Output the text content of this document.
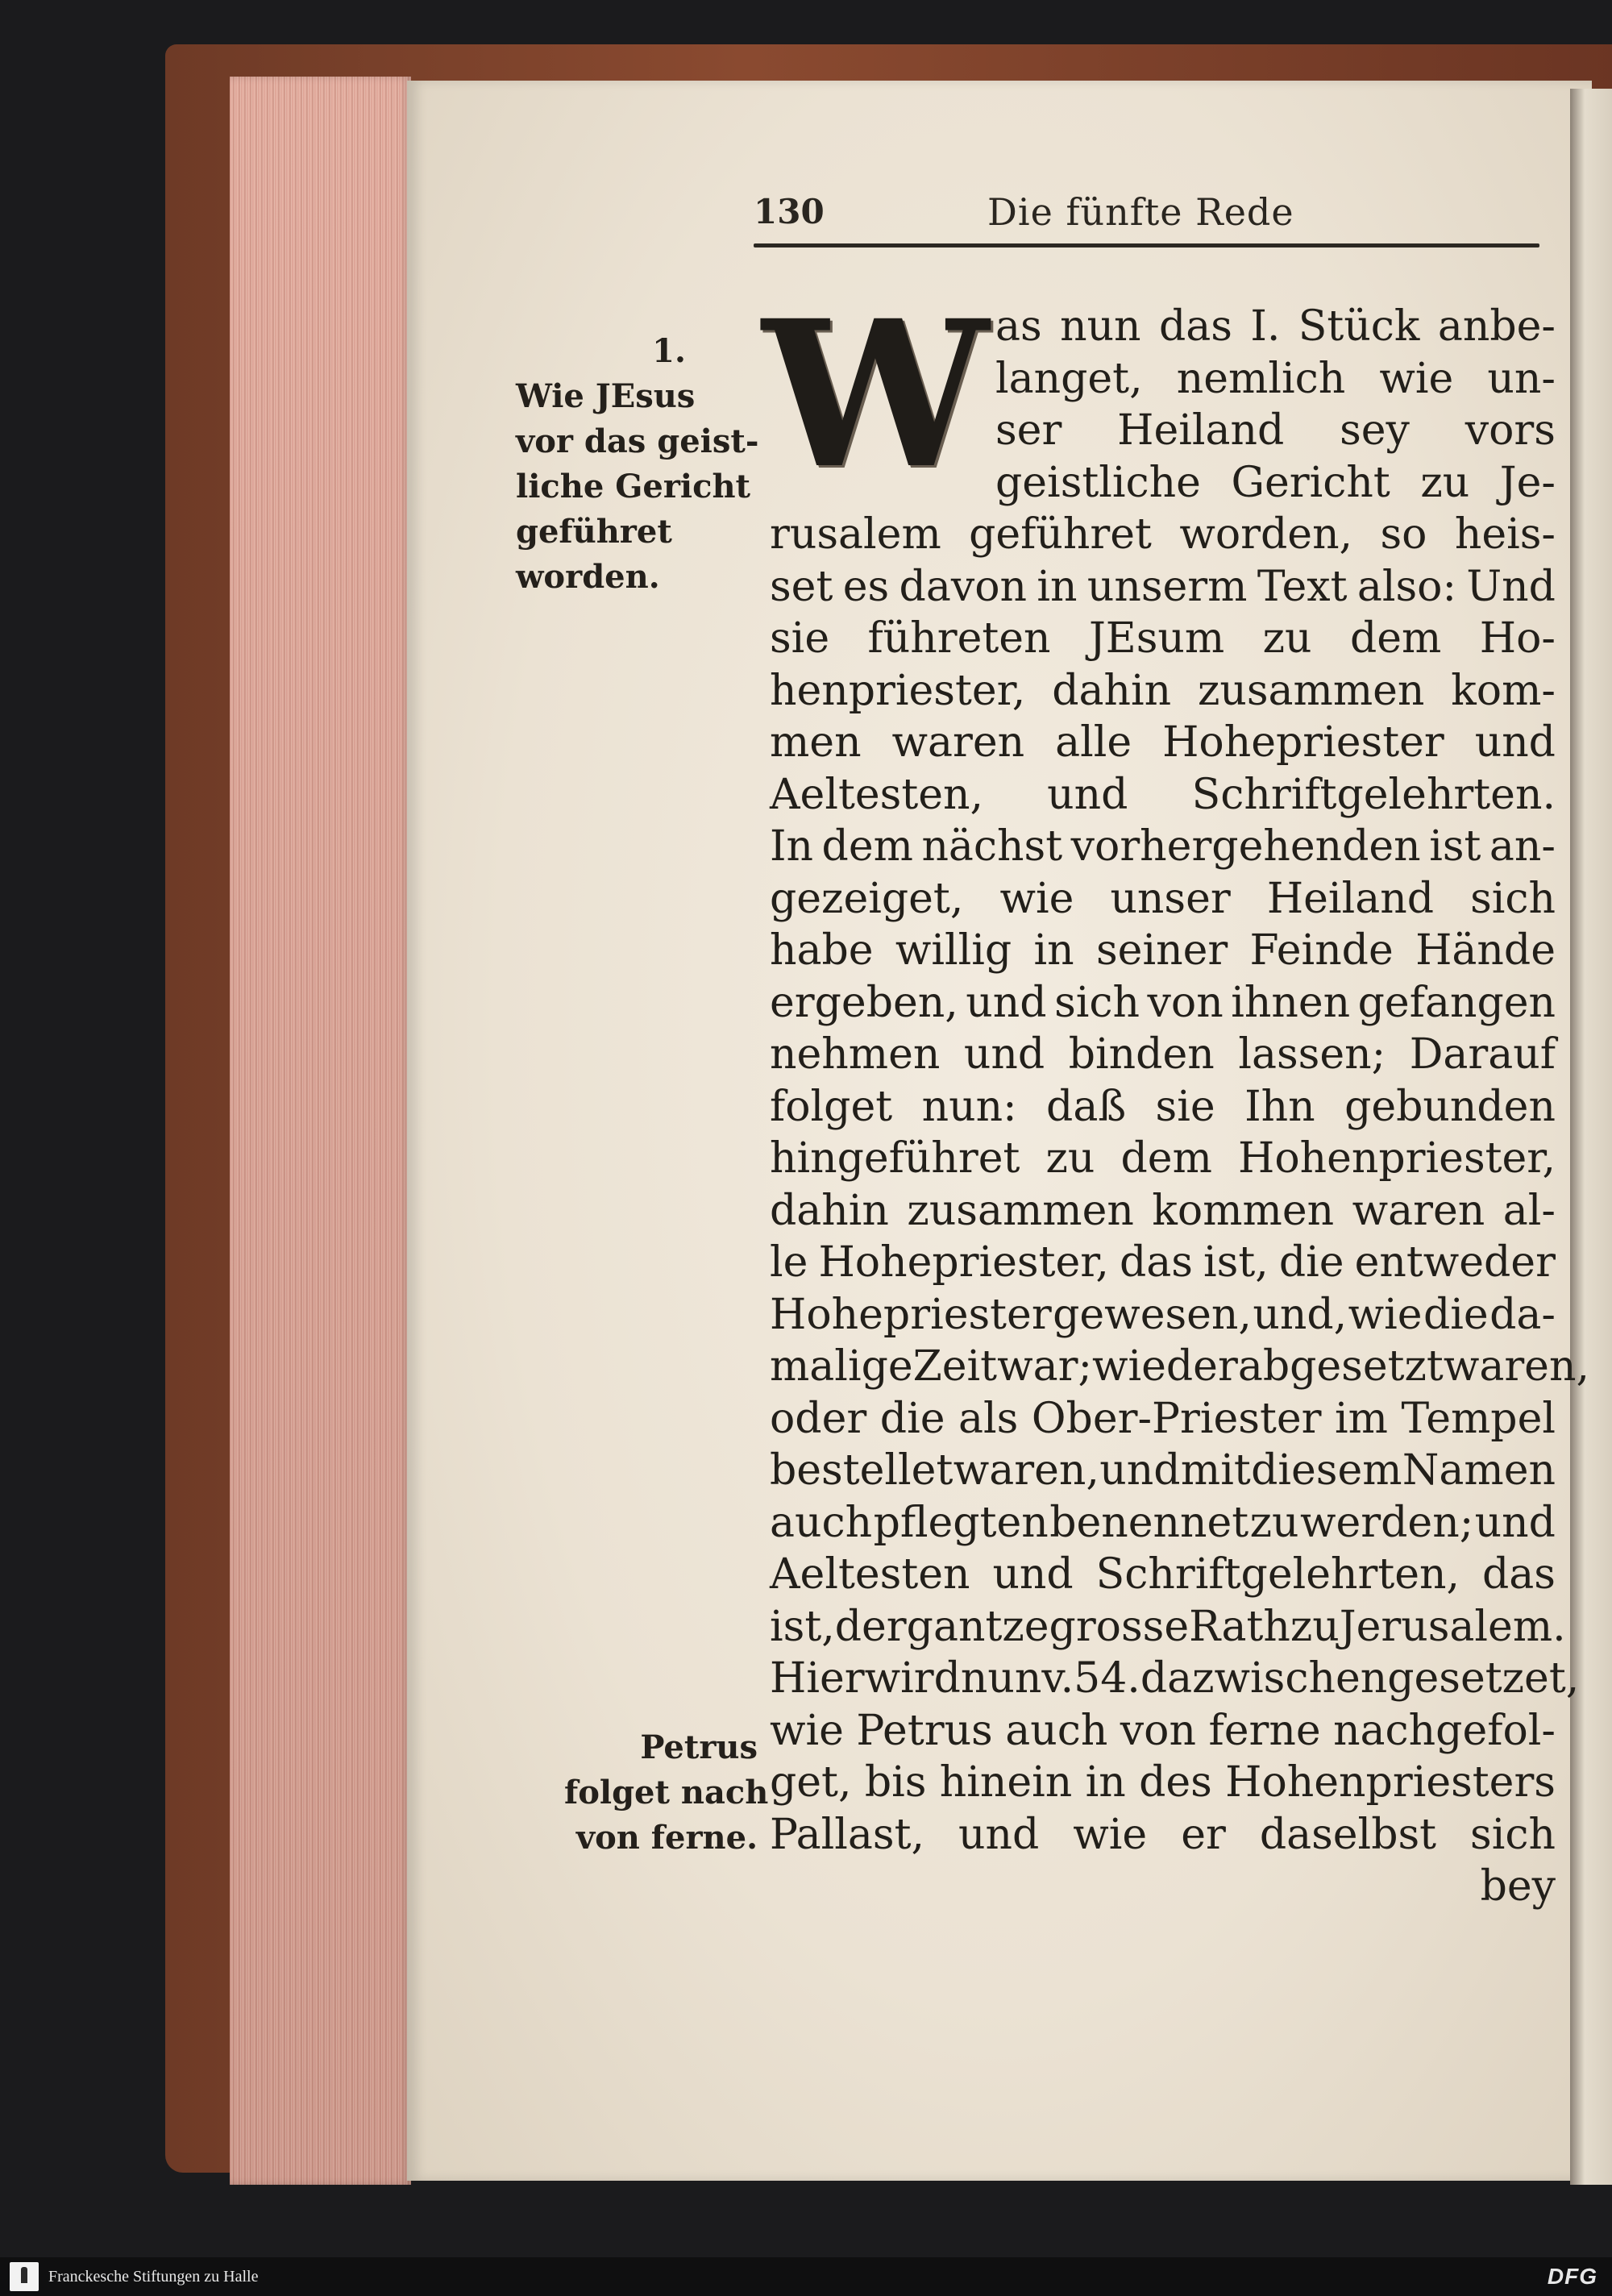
130	Die fünfte Rede
W
1.
Wie JEsus
vor das geist-
liche Gericht
geführet
worden.
Petrus
folget nach
von ferne.
as nun das I. Stück anbe-
langet, nemlich wie un-
ser Heiland sey vors
geistliche Gericht zu Je-
rusalem geführet worden, so heis-
set es davon in unserm Text also: Und
sie führeten JEsum zu dem Ho-
henpriester, dahin zusammen kom-
men waren alle Hohepriester und
Aeltesten, und Schriftgelehrten.
In dem nächst vorhergehenden ist an-
gezeiget, wie unser Heiland sich
habe willig in seiner Feinde Hände
ergeben, und sich von ihnen gefangen
nehmen und binden lassen; Darauf
folget nun: daß sie Ihn gebunden
hingeführet zu dem Hohenpriester,
dahin zusammen kommen waren al-
le Hohepriester, das ist, die entweder
Hohepriester gewesen, und, wie die da-
malige Zeit war; wieder abgesetzt waren,
oder die als Ober-Priester im Tempel
bestellet waren, und mit diesem Namen
auch pflegten benennet zu werden; und
Aeltesten und Schriftgelehrten, das
ist, der gantze grosse Rath zu Jerusalem.
Hier wird nun v. 54. dazwischen gesetzet,
wie Petrus auch von ferne nachgefol-
get, bis hinein in des Hohenpriesters
Pallast, und wie er daselbst sich
bey
Franckesche Stiftungen zu Halle	DFG
